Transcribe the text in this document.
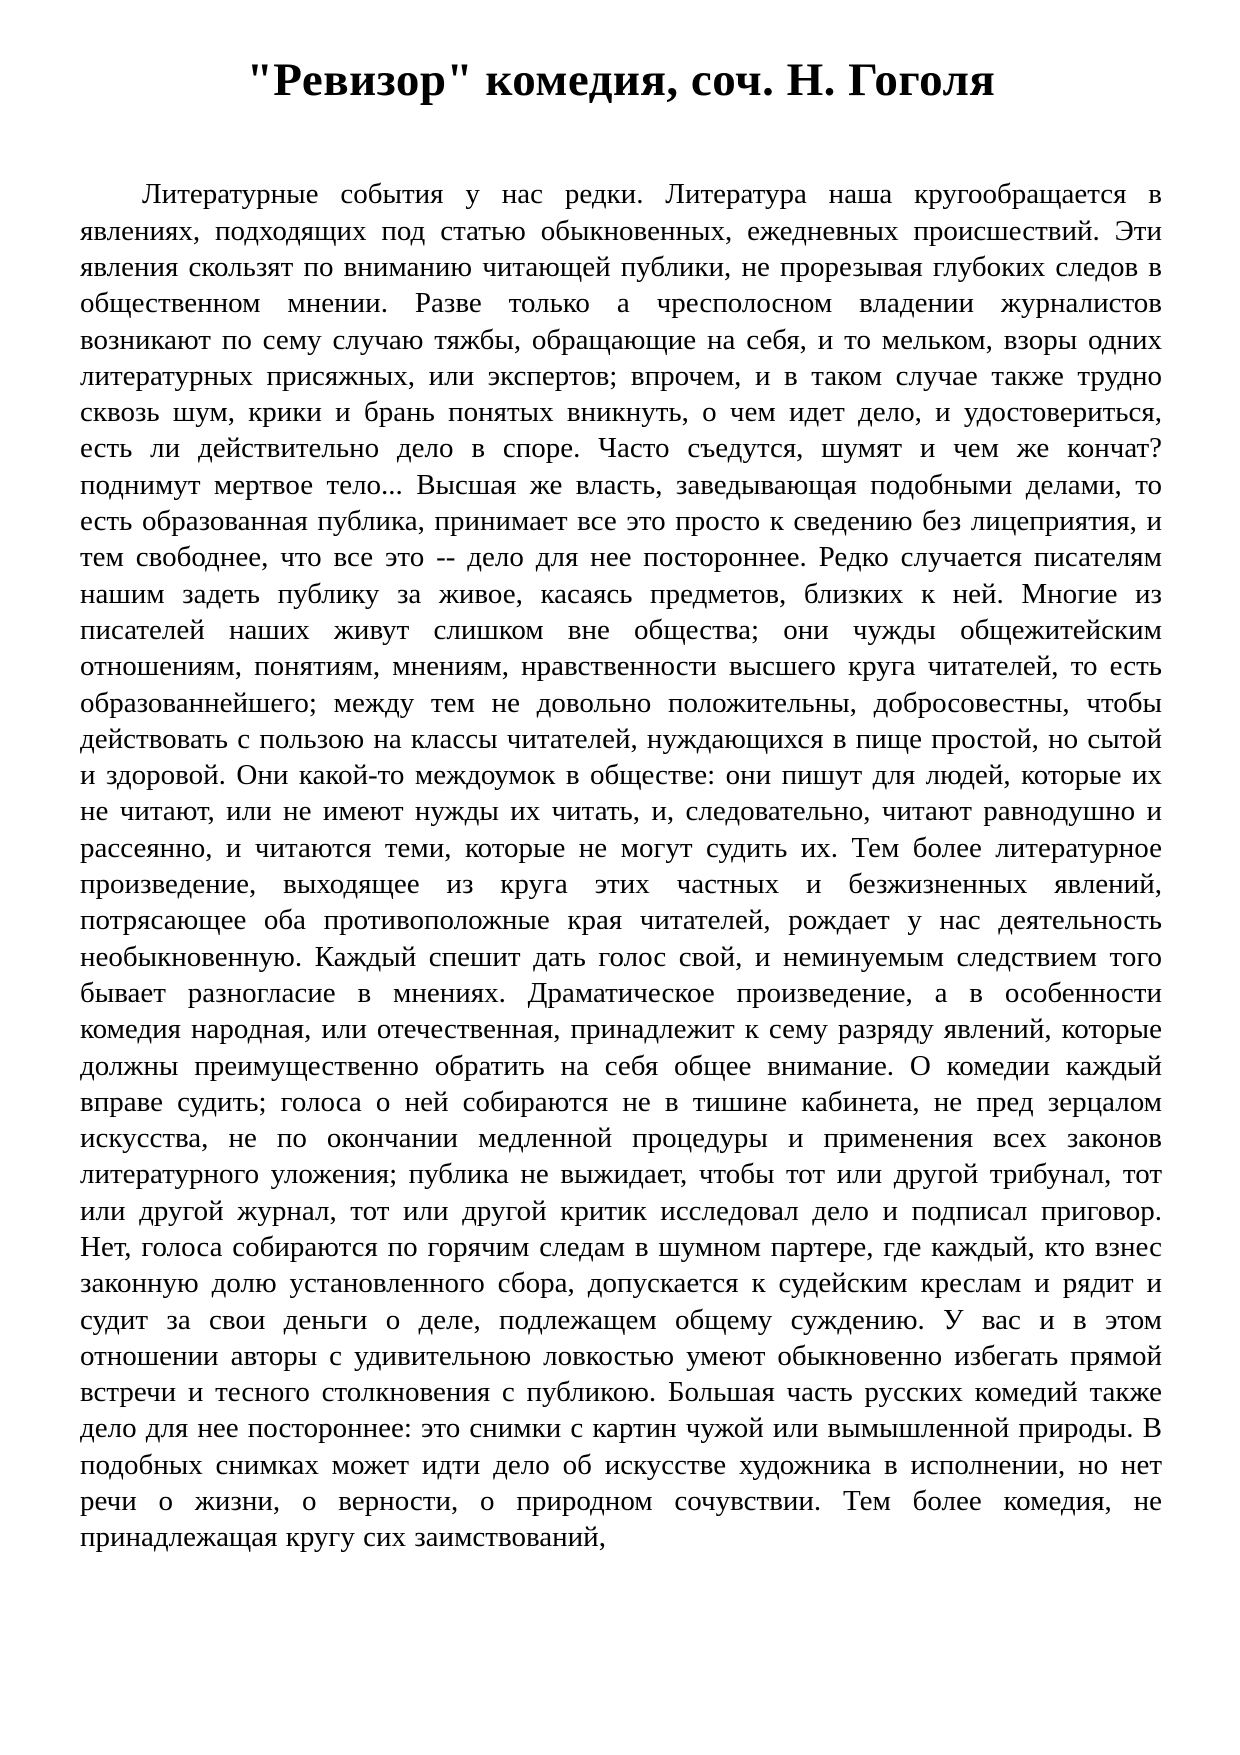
"Ревизор" комедия, соч. Н. Гоголя

Литературные события у нас редки. Литература наша кругообращается в явлениях, подходящих под статью обыкновенных, ежедневных происшествий. Эти явления скользят по вниманию читающей публики, не прорезывая глубоких следов в общественном мнении. Разве только а чресполосном владении журналистов возникают по сему случаю тяжбы, обращающие на себя, и то мельком, взоры одних литературных присяжных, или экспертов; впрочем, и в таком случае также трудно сквозь шум, крики и брань понятых вникнуть, о чем идет дело, и удостовериться, есть ли действительно дело в споре. Часто съедутся, шумят и чем же кончат? поднимут мертвое тело... Высшая же власть, заведывающая подобными делами, то есть образованная публика, принимает все это просто к сведению без лицеприятия, и тем свободнее, что все это -- дело для нее постороннее. Редко случается писателям нашим задеть публику за живое, касаясь предметов, близких к ней. Многие из писателей наших живут слишком вне общества; они чужды общежитейским отношениям, понятиям, мнениям, нравственности высшего круга читателей, то есть образованнейшего; между тем не довольно положительны, добросовестны, чтобы действовать с пользою на классы читателей, нуждающихся в пище простой, но сытой и здоровой. Они какой-то междоумок в обществе: они пишут для людей, которые их не читают, или не имеют нужды их читать, и, следовательно, читают равнодушно и рассеянно, и читаются теми, которые не могут судить их. Тем более литературное произведение, выходящее из круга этих частных и безжизненных явлений, потрясающее оба противоположные края читателей, рождает у нас деятельность необыкновенную. Каждый спешит дать голос свой, и неминуемым следствием того бывает разногласие в мнениях. Драматическое произведение, а в особенности комедия народная, или отечественная, принадлежит к сему разряду явлений, которые должны преимущественно обратить на себя общее внимание. О комедии каждый вправе судить; голоса о ней собираются не в тишине кабинета, не пред зерцалом искусства, не по окончании медленной процедуры и применения всех законов литературного уложения; публика не выжидает, чтобы тот или другой трибунал, тот или другой журнал, тот или другой критик исследовал дело и подписал приговор. Нет, голоса собираются по горячим следам в шумном партере, где каждый, кто взнес законную долю установленного сбора, допускается к судейским креслам и рядит и судит за свои деньги о деле, подлежащем общему суждению. У вас и в этом отношении авторы с удивительною ловкостью умеют обыкновенно избегать прямой встречи и тесного столкновения с публикою. Большая часть русских комедий также дело для нее постороннее: это снимки с картин чужой или вымышленной природы. В подобных снимках может идти дело об искусстве художника в исполнении, но нет речи о жизни, о верности, о природном сочувствии. Тем более комедия, не принадлежащая кругу сих заимствований,
